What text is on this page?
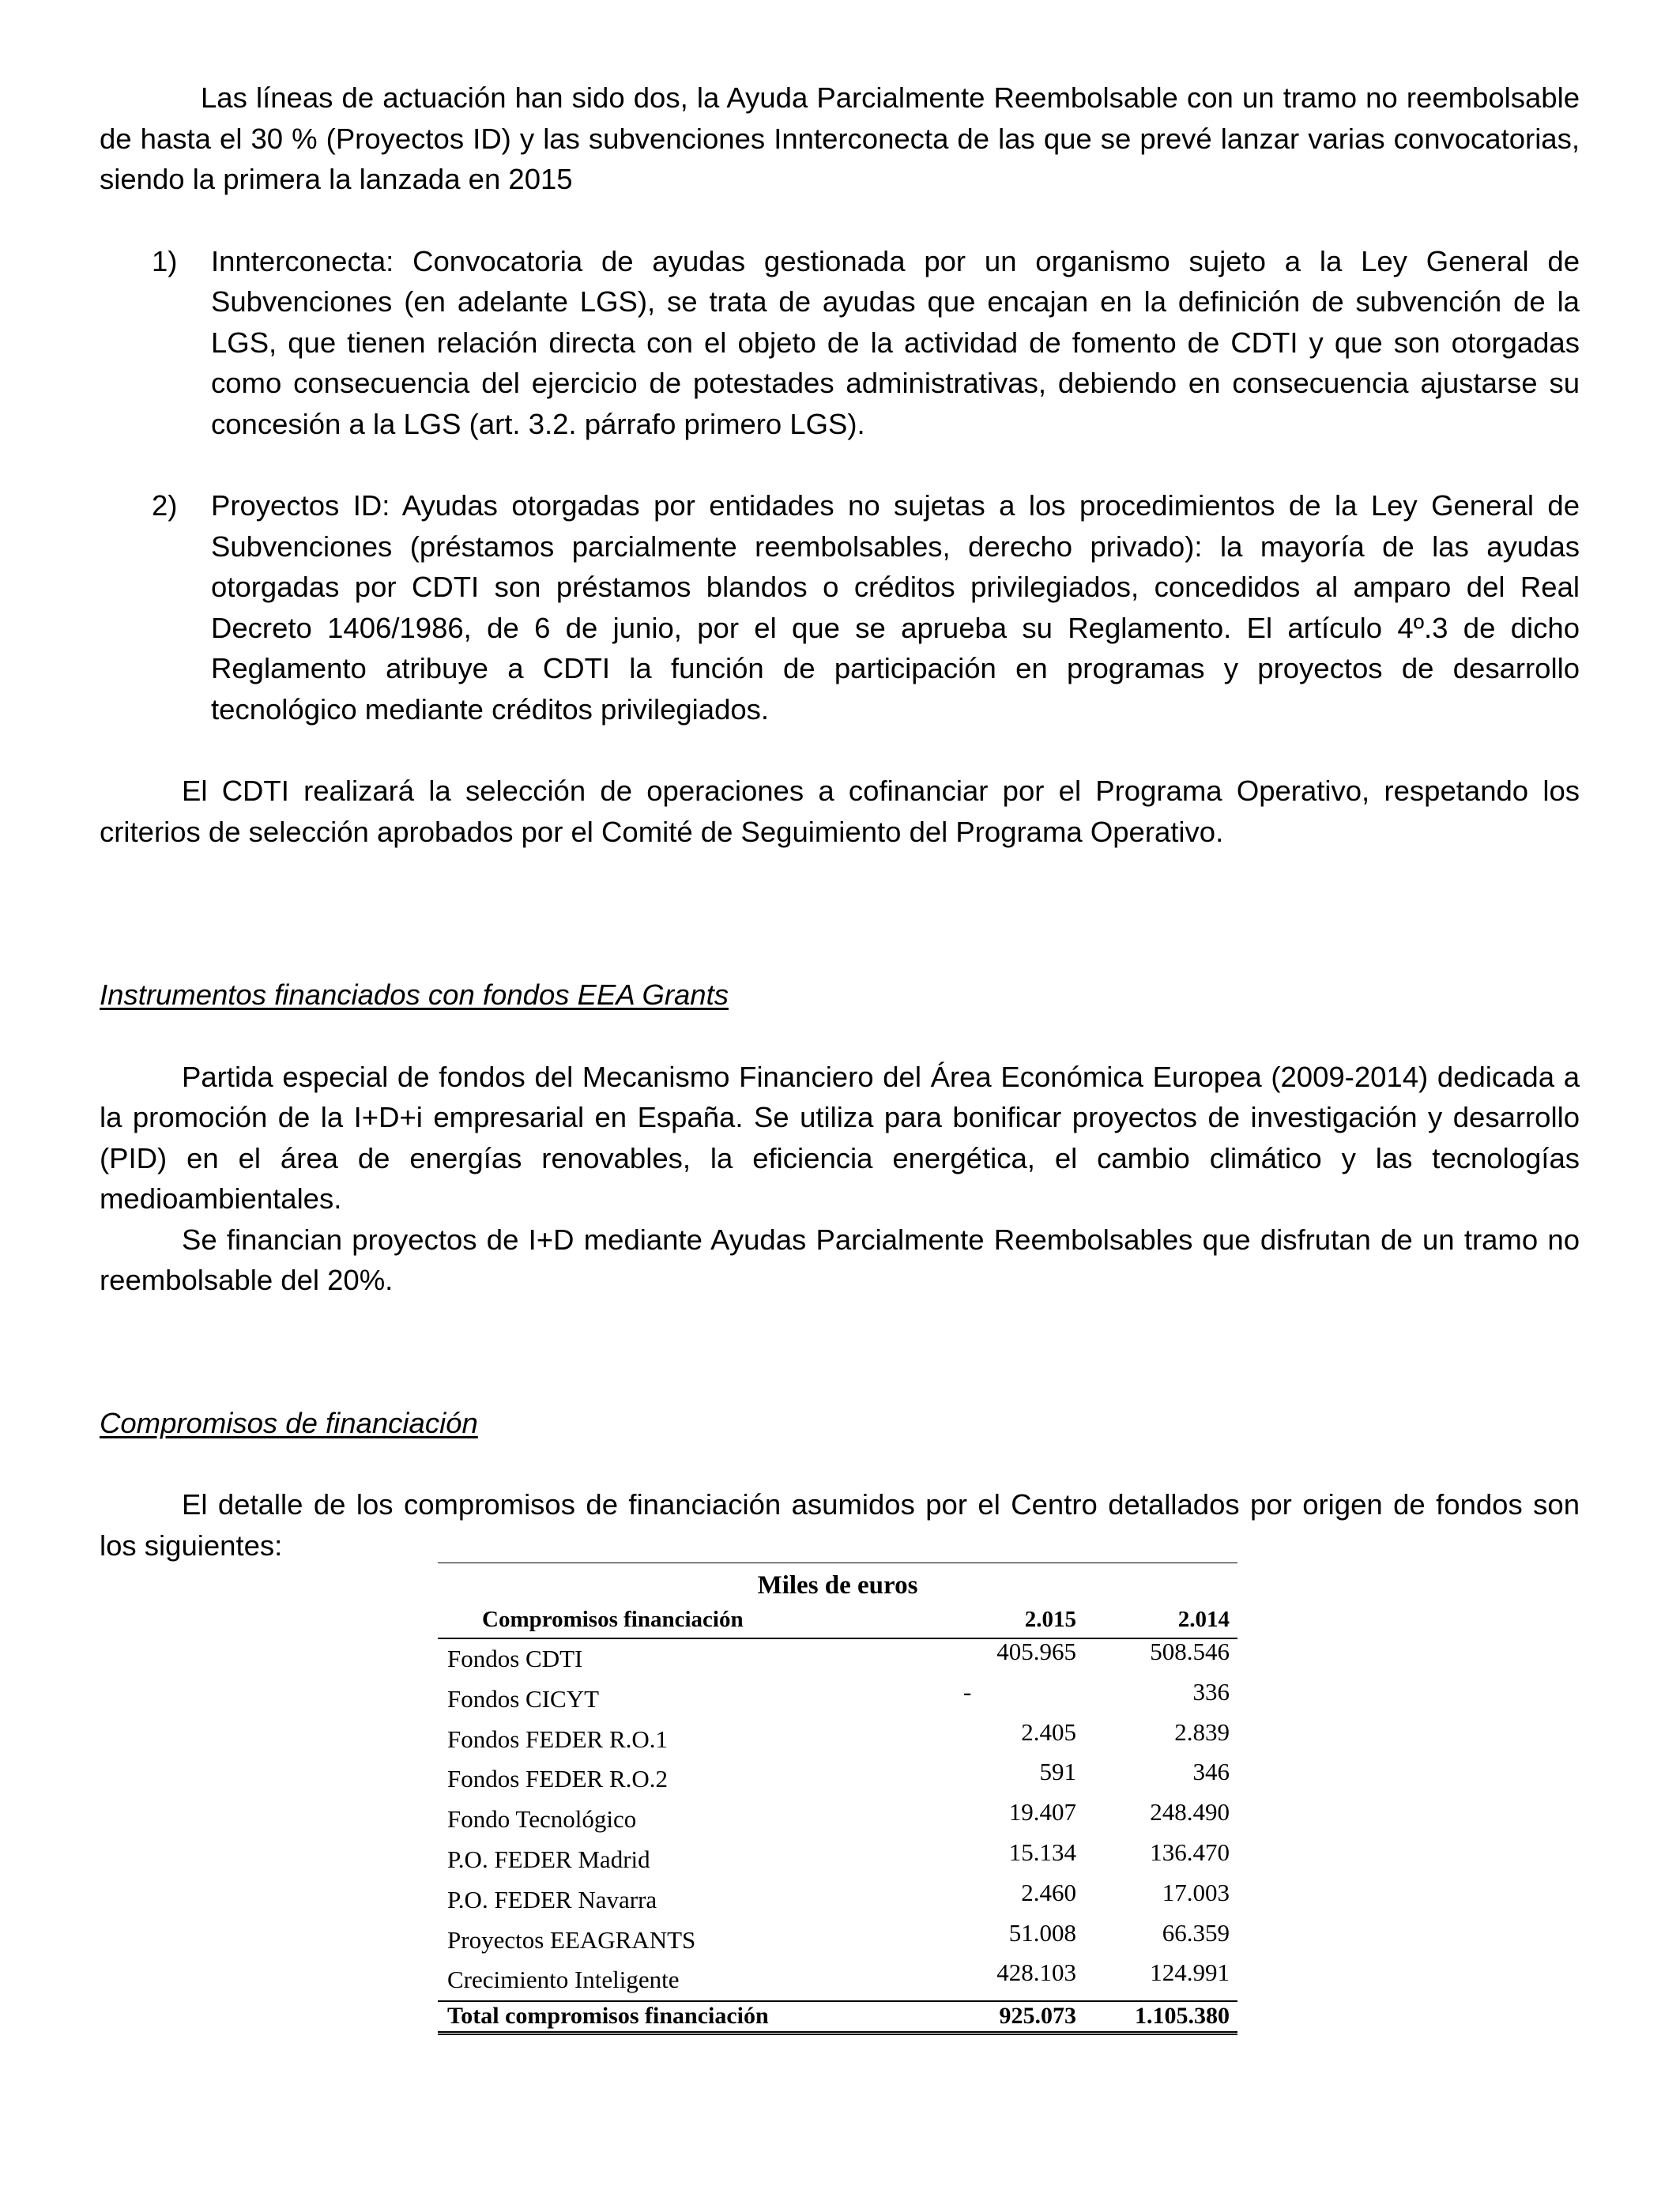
Las líneas de actuación han sido dos, la Ayuda Parcialmente Reembolsable con un tramo no reembolsable de hasta el 30 % (Proyectos ID) y las subvenciones Innterconecta de las que se prevé lanzar varias convocatorias, siendo la primera la lanzada en 2015

1) Innterconecta: Convocatoria de ayudas gestionada por un organismo sujeto a la Ley General de Subvenciones (en adelante LGS), se trata de ayudas que encajan en la definición de subvención de la LGS, que tienen relación directa con el objeto de la actividad de fomento de CDTI y que son otorgadas como consecuencia del ejercicio de potestades administrativas, debiendo en consecuencia ajustarse su concesión a la LGS (art. 3.2. párrafo primero LGS).
2) Proyectos ID: Ayudas otorgadas por entidades no sujetas a los procedimientos de la Ley General de Subvenciones (préstamos parcialmente reembolsables, derecho privado): la mayoría de las ayudas otorgadas por CDTI son préstamos blandos o créditos privilegiados, concedidos al amparo del Real Decreto 1406/1986, de 6 de junio, por el que se aprueba su Reglamento. El artículo 4º.3 de dicho Reglamento atribuye a CDTI la función de participación en programas y proyectos de desarrollo tecnológico mediante créditos privilegiados.

El CDTI realizará la selección de operaciones a cofinanciar por el Programa Operativo, respetando los criterios de selección aprobados por el Comité de Seguimiento del Programa Operativo.

Instrumentos financiados con fondos EEA Grants

Partida especial de fondos del Mecanismo Financiero del Área Económica Europea (2009-2014) dedicada a la promoción de la I+D+i empresarial en España. Se utiliza para bonificar proyectos de investigación y desarrollo (PID) en el área de energías renovables, la eficiencia energética, el cambio climático y las tecnologías medioambientales.

Se financian proyectos de I+D mediante Ayudas Parcialmente Reembolsables que disfrutan de un tramo no reembolsable del 20%.

Compromisos de financiación

El detalle de los compromisos de financiación asumidos por el Centro detallados por origen de fondos son los siguientes:

Miles de euros
Compromisos financiación	2.015	2.014
Fondos CDTI	405.965	508.546
Fondos CICYT	-	336
Fondos FEDER R.O.1	2.405	2.839
Fondos FEDER R.O.2	591	346
Fondo Tecnológico	19.407	248.490
P.O. FEDER Madrid	15.134	136.470
P.O. FEDER Navarra	2.460	17.003
Proyectos EEAGRANTS	51.008	66.359
Crecimiento Inteligente	428.103	124.991
Total compromisos financiación	925.073	1.105.380
